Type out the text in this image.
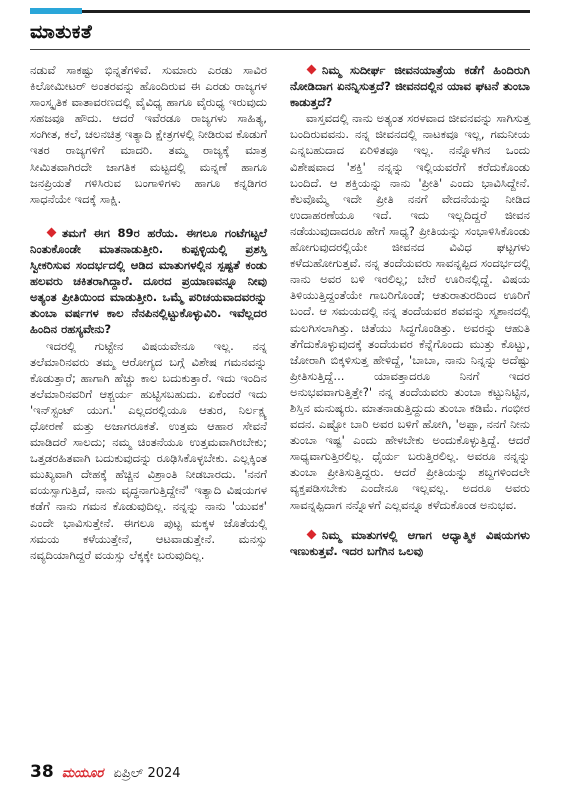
ಮಾತುಕತೆ

ನಡುವೆ ಸಾಕಷ್ಟು ಭಿನ್ನತೆಗಳಿವೆ. ಸುಮಾರು ಎರಡು ಸಾವಿರ ಕಿಲೋಮೀಟರ್ ಅಂತರವನ್ನು ಹೊಂದಿರುವ ಈ ಎರಡು ರಾಜ್ಯಗಳ ಸಾಂಸ್ಕೃತಿಕ ವಾತಾವರಣದಲ್ಲಿ ವೈವಿಧ್ಯ ಹಾಗೂ ವೈರುಧ್ಯ ಇರುವುದು ಸಹಜವೂ ಹೌದು. ಆದರೆ ಇವೆರಡೂ ರಾಜ್ಯಗಳು ಸಾಹಿತ್ಯ, ಸಂಗೀತ, ಕಲೆ, ಚಲನಚಿತ್ರ ಇತ್ಯಾದಿ ಕ್ಷೇತ್ರಗಳಲ್ಲಿ ನೀಡಿರುವ ಕೊಡುಗೆ ಇತರ ರಾಜ್ಯಗಳಿಗೆ ಮಾದರಿ. ತಮ್ಮ ರಾಜ್ಯಕ್ಕೆ ಮಾತ್ರ ಸೀಮಿತವಾಗಿರದೇ ಜಾಗತಿಕ ಮಟ್ಟದಲ್ಲಿ ಮನ್ನಣೆ ಹಾಗೂ ಜನಪ್ರಿಯತೆ ಗಳಿಸಿರುವ ಬಂಗಾಳಿಗಳು ಹಾಗೂ ಕನ್ನಡಿಗರ ಸಾಧನೆಯೇ ಇದಕ್ಕೆ ಸಾಕ್ಷಿ.

ತಮಗೆ ಈಗ 89ರ ಹರೆಯ. ಈಗಲೂ ಗಂಟೆಗಟ್ಟಲೆ ನಿಂತುಕೊಂಡೇ ಮಾತನಾಡುತ್ತೀರಿ. ಕುಪ್ಪಳ್ಳಿಯಲ್ಲಿ ಪ್ರಶಸ್ತಿ ಸ್ವೀಕರಿಸುವ ಸಂದರ್ಭದಲ್ಲಿ ಆಡಿದ ಮಾತುಗಳಲ್ಲಿನ ಸ್ಪಷ್ಟತೆ ಕಂಡು ಹಲವರು ಚಕಿತರಾಗಿದ್ದಾರೆ. ದೂರದ ಪ್ರಯಾಣವನ್ನೂ ನೀವು ಅತ್ಯಂತ ಪ್ರೀತಿಯಿಂದ ಮಾಡುತ್ತೀರಿ. ಒಮ್ಮೆ ಪರಿಚಯವಾದವರನ್ನು ತುಂಬಾ ವರ್ಷಗಳ ಕಾಲ ನೆನಪಿನಲ್ಲಿಟ್ಟುಕೊಳ್ಳುವಿರಿ. ಇವೆಲ್ಲದರ ಹಿಂದಿನ ರಹಸ್ಯವೇನು?

ಇದರಲ್ಲಿ ಗುಟ್ಟೇನ ವಿಷಯವೇನೂ ಇಲ್ಲ. ನನ್ನ ತಲೆಮಾರಿನವರು ತಮ್ಮ ಆರೋಗ್ಯದ ಬಗ್ಗೆ ವಿಶೇಷ ಗಮನವನ್ನು ಕೊಡುತ್ತಾರೆ; ಹಾಗಾಗಿ ಹೆಚ್ಚು ಕಾಲ ಬದುಕುತ್ತಾರೆ. ಇದು ಇಂದಿನ ತಲೆಮಾರಿನವರಿಗೆ ಆಶ್ಚರ್ಯ ಹುಟ್ಟಿಸಬಹುದು. ಏಕೆಂದರೆ ಇದು 'ಇನ್‌ಸ್ಟಂಟ್ ಯುಗ.' ಎಲ್ಲದರಲ್ಲಿಯೂ ಆತುರ, ನಿರ್ಲಕ್ಷ್ಯ ಧೋರಣೆ ಮತ್ತು ಅಜಾಗರೂಕತೆ. ಉತ್ತಮ ಆಹಾರ ಸೇವನೆ ಮಾಡಿದರೆ ಸಾಲದು; ನಮ್ಮ ಚಿಂತನೆಯೂ ಉತ್ತಮವಾಗಿರಬೇಕು; ಒತ್ತಡರಹಿತವಾಗಿ ಬದುಕುವುದನ್ನು ರೂಢಿಸಿಕೊಳ್ಳಬೇಕು. ಎಲ್ಲಕ್ಕಿಂತ ಮುಖ್ಯವಾಗಿ ದೇಹಕ್ಕೆ ಹೆಚ್ಚಿನ ವಿಶ್ರಾಂತಿ ನೀಡಬಾರದು. 'ನನಗೆ ವಯಸ್ಸಾಗುತ್ತಿದೆ, ನಾನು ವೃದ್ಧನಾಗುತ್ತಿದ್ದೇನೆ' ಇತ್ಯಾದಿ ವಿಷಯಗಳ ಕಡೆಗೆ ನಾನು ಗಮನ ಕೊಡುವುದಿಲ್ಲ. ನನ್ನನ್ನು ನಾನು 'ಯುವಕ' ಎಂದೇ ಭಾವಿಸುತ್ತೇನೆ. ಈಗಲೂ ಪುಟ್ಟ ಮಕ್ಕಳ ಜೊತೆಯಲ್ಲಿ ಸಮಯ ಕಳೆಯುತ್ತೇನೆ, ಆಟವಾಡುತ್ತೇನೆ. ಮನಸ್ಸು ನವ್ಯದಿಯಾಗಿದ್ದರೆ ವಯಸ್ಸು ಲೆಕ್ಕಕ್ಕೇ ಬರುವುದಿಲ್ಲ.

ನಿಮ್ಮ ಸುದೀರ್ಘ ಜೀವನಯಾತ್ರೆಯ ಕಡೆಗೆ ಹಿಂದಿರುಗಿ ನೋಡಿದಾಗ ಏನನ್ನಿಸುತ್ತದೆ? ಜೀವನದಲ್ಲಿನ ಯಾವ ಘಟನೆ ತುಂಬಾ ಕಾಡುತ್ತದೆ?

ವಾಸ್ತವದಲ್ಲಿ ನಾನು ಅತ್ಯಂತ ಸರಳವಾದ ಜೀವನವನ್ನು ಸಾಗಿಸುತ್ತ ಬಂದಿರುವವನು. ನನ್ನ ಜೀವನದಲ್ಲಿ ನಾಟಕವೂ ಇಲ್ಲ, ಗಮನೀಯ ಎನ್ನಬಹುದಾದ ಏರಿಳಿತವೂ ಇಲ್ಲ. ನನ್ನೊಳಗಿನ ಒಂದು ವಿಶೇಷವಾದ 'ಶಕ್ತಿ' ನನ್ನನ್ನು ಇಲ್ಲಿಯವರೆಗೆ ಕರೆದುಕೊಂಡು ಬಂದಿದೆ. ಆ ಶಕ್ತಿಯನ್ನು ನಾನು 'ಪ್ರೀತಿ' ಎಂದು ಭಾವಿಸಿದ್ದೇನೆ. ಕೆಲವೊಮ್ಮೆ ಇದೇ ಪ್ರೀತಿ ನನಗೆ ವೇದನೆಯನ್ನು ನೀಡಿದ ಉದಾಹರಣೆಯೂ ಇದೆ. ಇದು ಇಲ್ಲದಿದ್ದರೆ ಜೀವನ ನಡೆಯುವುದಾದರೂ ಹೇಗೆ ಸಾಧ್ಯ? ಪ್ರೀತಿಯನ್ನು ಸಂಭಾಳಿಸಿಕೊಂಡು ಹೋಗುವುದರಲ್ಲಿಯೇ ಜೀವನದ ವಿವಿಧ ಘಟ್ಟಗಳು ಕಳೆದುಹೋಗುತ್ತವೆ. ನನ್ನ ತಂದೆಯವರು ಸಾವನ್ನಪ್ಪಿದ ಸಂದರ್ಭದಲ್ಲಿ ನಾನು ಅವರ ಬಳಿ ಇರಲಿಲ್ಲ; ಬೇರೆ ಊರಿನಲ್ಲಿದ್ದೆ. ವಿಷಯ ತಿಳಿಯುತ್ತಿದ್ದಂತೆಯೇ ಗಾಬರಿಗೊಂಡೆ; ಆತುರಾತುರದಿಂದ ಊರಿಗೆ ಬಂದೆ. ಆ ಸಮಯದಲ್ಲಿ ನನ್ನ ತಂದೆಯವರ ಶವವನ್ನು ಸ್ಮಶಾನದಲ್ಲಿ ಮಲಗಿಸಲಾಗಿತ್ತು. ಚಿತೆಯು ಸಿದ್ಧಗೊಂಡಿತ್ತು. ಅವರನ್ನು ಆಹುತಿ ತೆಗೆದುಕೊಳ್ಳುವುದಕ್ಕೆ ತಂದೆಯವರ ಕೆನ್ನೆಗೊಂದು ಮುತ್ತು ಕೊಟ್ಟು, ಜೋರಾಗಿ ಬಿಕ್ಕಳಿಸುತ್ತ ಹೇಳಿದ್ದೆ, 'ಬಾಬಾ, ನಾನು ನಿನ್ನನ್ನು ಅದೆಷ್ಟು ಪ್ರೀತಿಸುತ್ತಿದ್ದೆ... ಯಾವತ್ತಾದರೂ ನಿನಗೆ ಇದರ ಅನುಭವವಾಗುತ್ತಿತ್ತೇ?' ನನ್ನ ತಂದೆಯವರು ತುಂಬಾ ಕಟ್ಟುನಿಟ್ಟಿನ, ಶಿಸ್ತಿನ ಮನುಷ್ಯರು. ಮಾತನಾಡುತ್ತಿದ್ದುದು ತುಂಬಾ ಕಡಿಮೆ. ಗಂಭೀರ ವದನ. ಎಷ್ಟೋ ಬಾರಿ ಅವರ ಬಳಿಗೆ ಹೋಗಿ, 'ಅಪ್ಪಾ, ನನಗೆ ನೀನು ತುಂಬಾ ಇಷ್ಟ' ಎಂದು ಹೇಳಬೇಕು ಅಂದುಕೊಳ್ಳುತ್ತಿದ್ದೆ. ಆದರೆ ಸಾಧ್ಯವಾಗುತ್ತಿರಲಿಲ್ಲ. ಧೈರ್ಯ ಬರುತ್ತಿರಲಿಲ್ಲ. ಅವರೂ ನನ್ನನ್ನು ತುಂಬಾ ಪ್ರೀತಿಸುತ್ತಿದ್ದರು. ಆದರೆ ಪ್ರೀತಿಯನ್ನು ಶಬ್ದಗಳಿಂದಲೇ ವ್ಯಕ್ತಪಡಿಸಬೇಕು ಎಂದೇನೂ ಇಲ್ಲವಲ್ಲ. ಅದರೂ ಅವರು ಸಾವನ್ನಪ್ಪಿದಾಗ ನನ್ನೊಳಗೆ ಎಲ್ಲವನ್ನೂ ಕಳೆದುಕೊಂಡ ಅನುಭವ.

ನಿಮ್ಮ ಮಾತುಗಳಲ್ಲಿ ಆಗಾಗ ಆಧ್ಯಾತ್ಮಿಕ ವಿಷಯಗಳು ಇಣುಕುತ್ತವೆ. ಇದರ ಬಗೆಗಿನ ಒಲವು

38 ಮಯೂರ ಏಪ್ರಿಲ್ 2024
